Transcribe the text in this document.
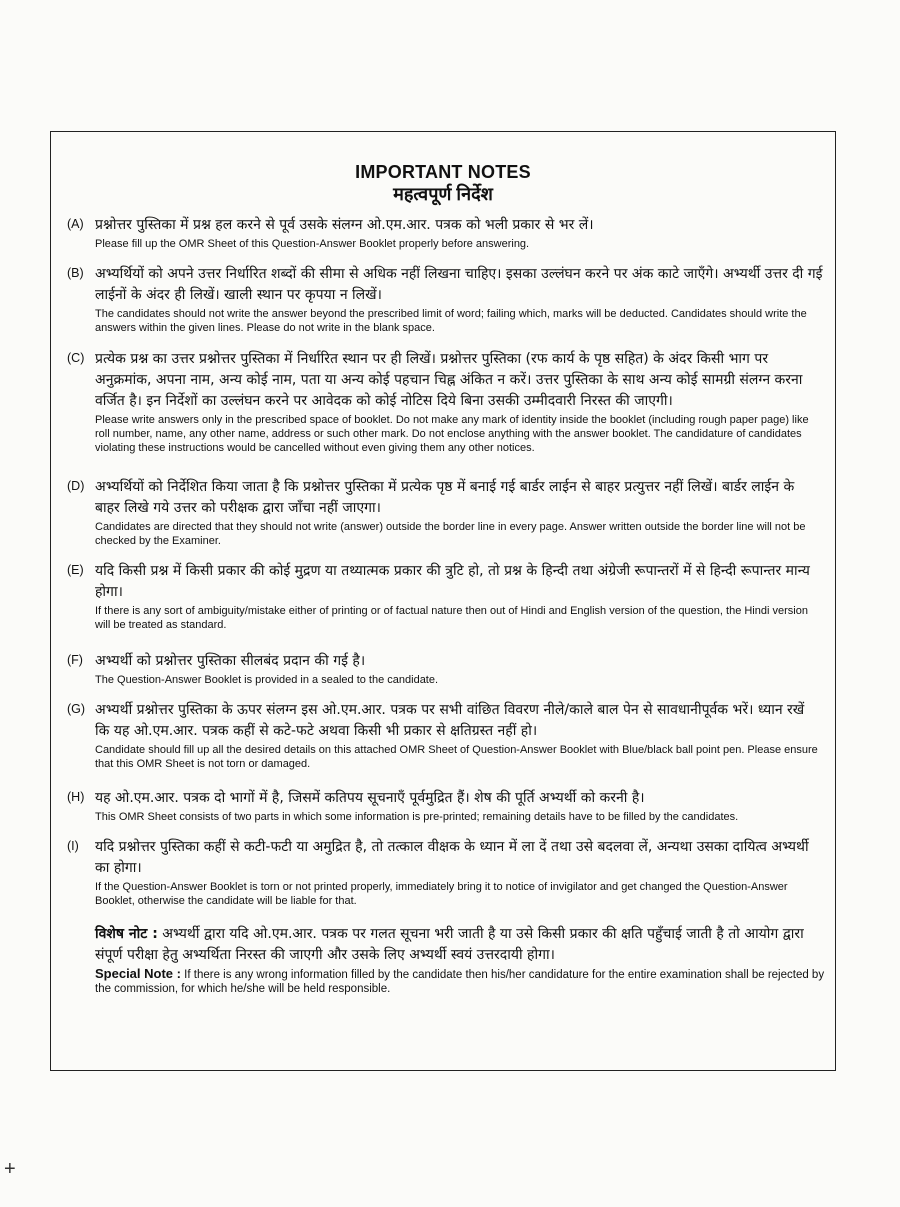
IMPORTANT NOTES
महत्वपूर्ण निर्देश
(A) प्रश्नोत्तर पुस्तिका में प्रश्न हल करने से पूर्व उसके संलग्न ओ.एम.आर. पत्रक को भली प्रकार से भर लें।
Please fill up the OMR Sheet of this Question-Answer Booklet properly before answering.
(B) अभ्यर्थियों को अपने उत्तर निर्धारित शब्दों की सीमा से अधिक नहीं लिखना चाहिए। इसका उल्लंघन करने पर अंक काटे जाएँगे। अभ्यर्थी उत्तर दी गई लाईनों के अंदर ही लिखें। खाली स्थान पर कृपया न लिखें।
The candidates should not write the answer beyond the prescribed limit of word; failing which, marks will be deducted. Candidates should write the answers within the given lines. Please do not write in the blank space.
(C) प्रत्येक प्रश्न का उत्तर प्रश्नोत्तर पुस्तिका में निर्धारित स्थान पर ही लिखें। प्रश्नोत्तर पुस्तिका (रफ कार्य के पृष्ठ सहित) के अंदर किसी भाग पर अनुक्रमांक, अपना नाम, अन्य कोई नाम, पता या अन्य कोई पहचान चिह्न अंकित न करें। उत्तर पुस्तिका के साथ अन्य कोई सामग्री संलग्न करना वर्जित है। इन निर्देशों का उल्लंघन करने पर आवेदक को कोई नोटिस दिये बिना उसकी उम्मीदवारी निरस्त की जाएगी।
Please write answers only in the prescribed space of booklet. Do not make any mark of identity inside the booklet (including rough paper page) like roll number, name, any other name, address or such other mark. Do not enclose anything with the answer booklet. The candidature of candidates violating these instructions would be cancelled without even giving them any other notices.
(D) अभ्यर्थियों को निर्देशित किया जाता है कि प्रश्नोत्तर पुस्तिका में प्रत्येक पृष्ठ में बनाई गई बार्डर लाईन से बाहर प्रत्युत्तर नहीं लिखें। बार्डर लाईन के बाहर लिखे गये उत्तर को परीक्षक द्वारा जाँचा नहीं जाएगा।
Candidates are directed that they should not write (answer) outside the border line in every page. Answer written outside the border line will not be checked by the Examiner.
(E) यदि किसी प्रश्न में किसी प्रकार की कोई मुद्रण या तथ्यात्मक प्रकार की त्रुटि हो, तो प्रश्न के हिन्दी तथा अंग्रेजी रूपान्तरों में से हिन्दी रूपान्तर मान्य होगा।
If there is any sort of ambiguity/mistake either of printing or of factual nature then out of Hindi and English version of the question, the Hindi version will be treated as standard.
(F) अभ्यर्थी को प्रश्नोत्तर पुस्तिका सीलबंद प्रदान की गई है।
The Question-Answer Booklet is provided in a sealed to the candidate.
(G) अभ्यर्थी प्रश्नोत्तर पुस्तिका के ऊपर संलग्न इस ओ.एम.आर. पत्रक पर सभी वांछित विवरण नीले/काले बाल पेन से सावधानीपूर्वक भरें। ध्यान रखें कि यह ओ.एम.आर. पत्रक कहीं से कटे-फटे अथवा किसी भी प्रकार से क्षतिग्रस्त नहीं हो।
Candidate should fill up all the desired details on this attached OMR Sheet of Question-Answer Booklet with Blue/black ball point pen. Please ensure that this OMR Sheet is not torn or damaged.
(H) यह ओ.एम.आर. पत्रक दो भागों में है, जिसमें कतिपय सूचनाएँ पूर्वमुद्रित हैं। शेष की पूर्ति अभ्यर्थी को करनी है।
This OMR Sheet consists of two parts in which some information is pre-printed; remaining details have to be filled by the candidates.
(I) यदि प्रश्नोत्तर पुस्तिका कहीं से कटी-फटी या अमुद्रित है, तो तत्काल वीक्षक के ध्यान में ला दें तथा उसे बदलवा लें, अन्यथा उसका दायित्व अभ्यर्थी का होगा।
If the Question-Answer Booklet is torn or not printed properly, immediately bring it to notice of invigilator and get changed the Question-Answer Booklet, otherwise the candidate will be liable for that.
विशेष नोट : अभ्यर्थी द्वारा यदि ओ.एम.आर. पत्रक पर गलत सूचना भरी जाती है या उसे किसी प्रकार की क्षति पहुँचाई जाती है तो आयोग द्वारा संपूर्ण परीक्षा हेतु अभ्यर्थिता निरस्त की जाएगी और उसके लिए अभ्यर्थी स्वयं उत्तरदायी होगा।
Special Note : If there is any wrong information filled by the candidate then his/her candidature for the entire examination shall be rejected by the commission, for which he/she will be held responsible.
+
